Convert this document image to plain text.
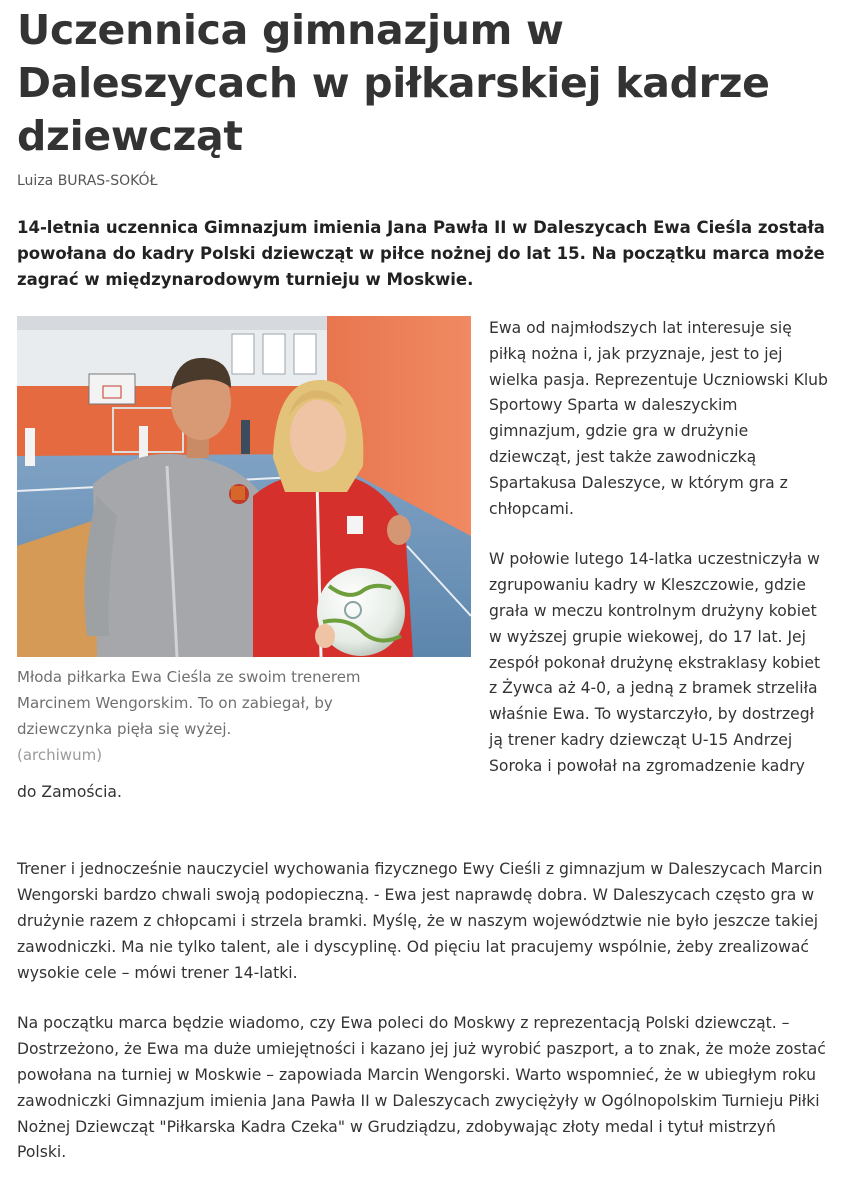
Uczennica gimnazjum w Daleszycach w piłkarskiej kadrze dziewcząt
Luiza BURAS-SOKÓŁ
14-letnia uczennica Gimnazjum imienia Jana Pawła II w Daleszycach Ewa Cieśla została powołana do kadry Polski dziewcząt w piłce nożnej do lat 15. Na początku marca może zagrać w międzynarodowym turnieju w Moskwie.
Młoda piłkarka Ewa Cieśla ze swoim trenerem Marcinem Wengorskim. To on zabiegał, by dziewczynka pięła się wyżej.
(archiwum)

Ewa od najmłodszych lat interesuje się piłką nożna i, jak przyznaje, jest to jej wielka pasja. Reprezentuje Uczniowski Klub Sportowy Sparta w daleszyckim gimnazjum, gdzie gra w drużynie dziewcząt, jest także zawodniczką Spartakusa Daleszyce, w którym gra z chłopcami.

W połowie lutego 14-latka uczestniczyła w zgrupowaniu kadry w Kleszczowie, gdzie grała w meczu kontrolnym drużyny kobiet w wyższej grupie wiekowej, do 17 lat. Jej zespół pokonał drużynę ekstraklasy kobiet z Żywca aż 4-0, a jedną z bramek strzeliła właśnie Ewa. To wystarczyło, by dostrzegł ją trener kadry dziewcząt U-15 Andrzej Soroka i powołał na zgromadzenie kadry do Zamościa.

Trener i jednocześnie nauczyciel wychowania fizycznego Ewy Cieśli z gimnazjum w Daleszycach Marcin Wengorski bardzo chwali swoją podopieczną. - Ewa jest naprawdę dobra. W Daleszycach często gra w drużynie razem z chłopcami i strzela bramki. Myślę, że w naszym województwie nie było jeszcze takiej zawodniczki. Ma nie tylko talent, ale i dyscyplinę. Od pięciu lat pracujemy wspólnie, żeby zrealizować wysokie cele – mówi trener 14-latki.

Na początku marca będzie wiadomo, czy Ewa poleci do Moskwy z reprezentacją Polski dziewcząt. – Dostrzeżono, że Ewa ma duże umiejętności i kazano jej już wyrobić paszport, a to znak, że może zostać powołana na turniej w Moskwie – zapowiada Marcin Wengorski. Warto wspomnieć, że w ubiegłym roku zawodniczki Gimnazjum imienia Jana Pawła II w Daleszycach zwyciężyły w Ogólnopolskim Turnieju Piłki Nożnej Dziewcząt "Piłkarska Kadra Czeka" w Grudziądzu, zdobywając złoty medal i tytuł mistrzyń Polski.
